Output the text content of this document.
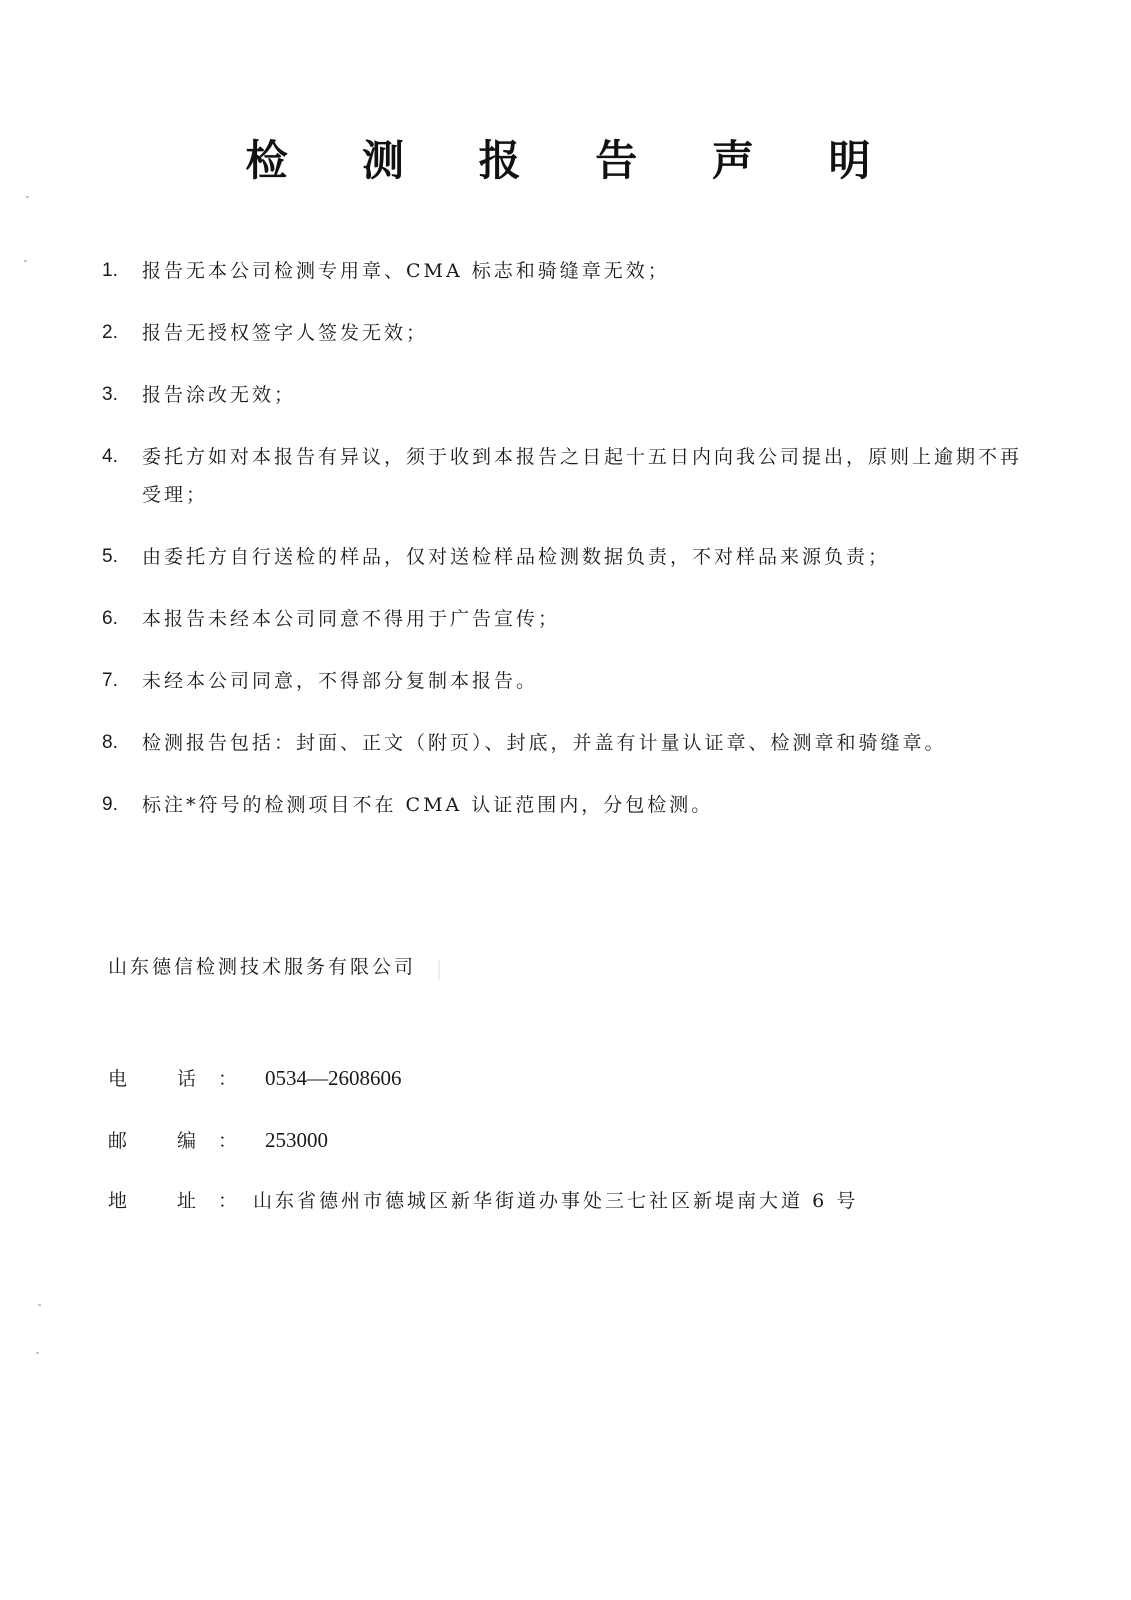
检 测 报 告 声 明
1.	报告无本公司检测专用章、CMA 标志和骑缝章无效；
2.	报告无授权签字人签发无效；
3.	报告涂改无效；
4.	委托方如对本报告有异议，须于收到本报告之日起十五日内向我公司提出，原则上逾期不再受理；
5.	由委托方自行送检的样品，仅对送检样品检测数据负责，不对样品来源负责；
6.	本报告未经本公司同意不得用于广告宣传；
7.	未经本公司同意，不得部分复制本报告。
8.	检测报告包括：封面、正文（附页）、封底，并盖有计量认证章、检测章和骑缝章。
9.	标注*符号的检测项目不在 CMA 认证范围内，分包检测。
山东德信检测技术服务有限公司
电 话： 0534—2608606
邮 编： 253000
地 址：
山东省德州市德城区新华街道办事处三七社区新堤南大道 6 号
